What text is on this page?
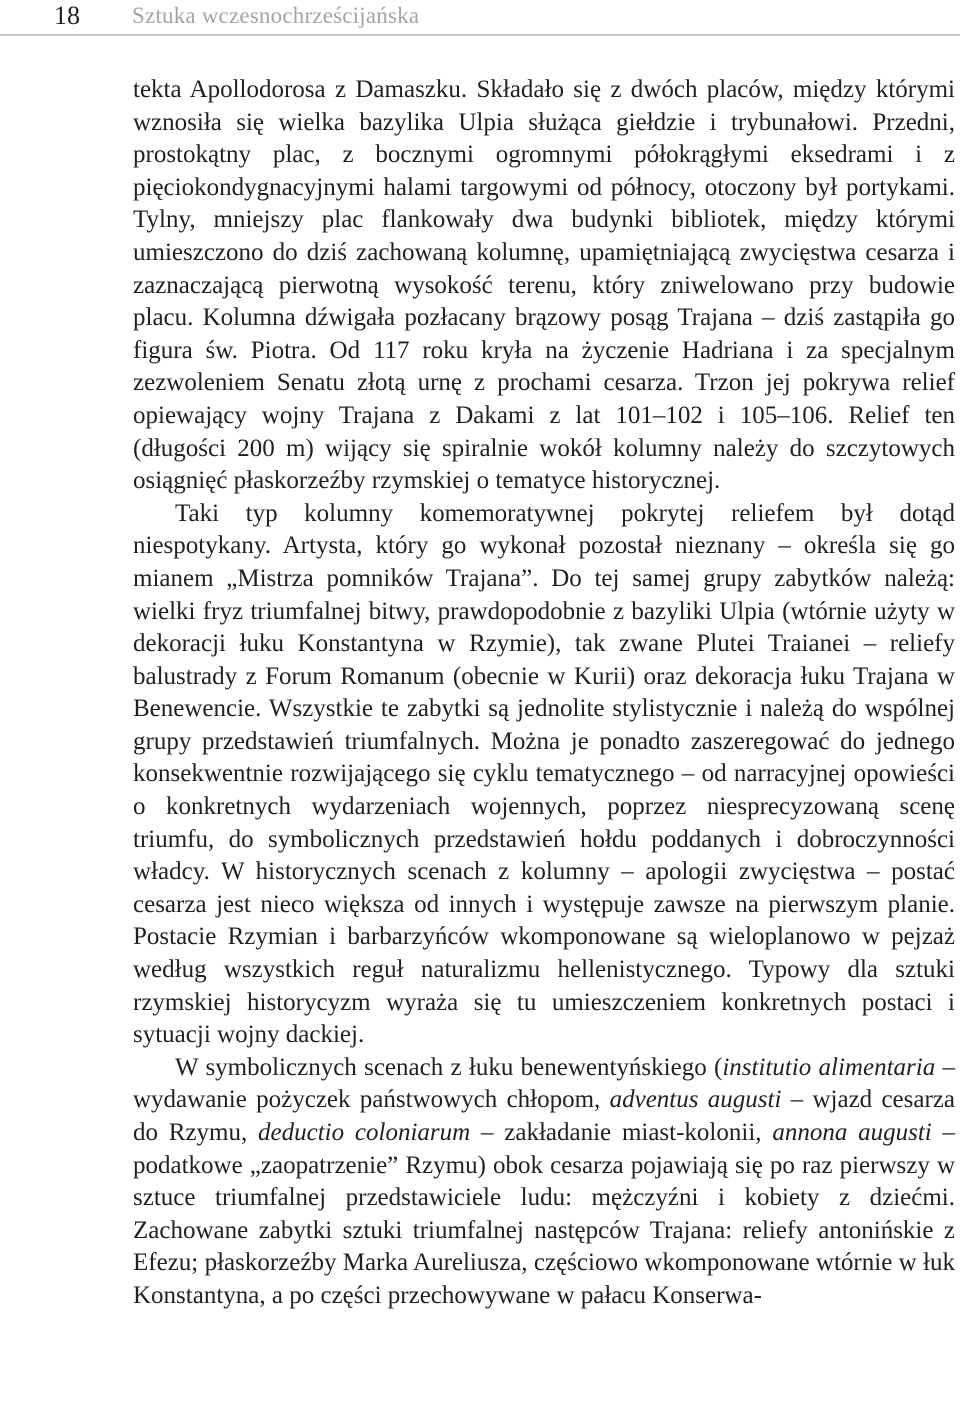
18 Sztuka wczesnochrześcijańska

tekta Apollodorosa z Damaszku. Składało się z dwóch placów, między którymi wznosiła się wielka bazylika Ulpia służąca giełdzie i trybunałowi. Przedni, prostokątny plac, z bocznymi ogromnymi półokrągłymi eksedrami i z pięciokondygnacyjnymi halami targowymi od północy, otoczony był portykami. Tylny, mniejszy plac flankowały dwa budynki bibliotek, między którymi umieszczono do dziś zachowaną kolumnę, upamiętniającą zwycięstwa cesarza i zaznaczającą pierwotną wysokość terenu, który zniwelowano przy budowie placu. Kolumna dźwigała pozłacany brązowy posąg Trajana – dziś zastąpiła go figura św. Piotra. Od 117 roku kryła na życzenie Hadriana i za specjalnym zezwoleniem Senatu złotą urnę z prochami cesarza. Trzon jej pokrywa relief opiewający wojny Trajana z Dakami z lat 101–102 i 105–106. Relief ten (długości 200 m) wijący się spiralnie wokół kolumny należy do szczytowych osiągnięć płaskorzeźby rzymskiej o tematyce historycznej.

Taki typ kolumny komemoratywnej pokrytej reliefem był dotąd niespotykany. Artysta, który go wykonał pozostał nieznany – określa się go mianem „Mistrza pomników Trajana”. Do tej samej grupy zabytków należą: wielki fryz triumfalnej bitwy, prawdopodobnie z bazyliki Ulpia (wtórnie użyty w dekoracji łuku Konstantyna w Rzymie), tak zwane Plutei Traianei – reliefy balustrady z Forum Romanum (obecnie w Kurii) oraz dekoracja łuku Trajana w Benewencie. Wszystkie te zabytki są jednolite stylistycznie i należą do wspólnej grupy przedstawień triumfalnych. Można je ponadto zaszeregować do jednego konsekwentnie rozwijającego się cyklu tematycznego – od narracyjnej opowieści o konkretnych wydarzeniach wojennych, poprzez niesprecyzowaną scenę triumfu, do symbolicznych przedstawień hołdu poddanych i dobroczynności władcy. W historycznych scenach z kolumny – apologii zwycięstwa – postać cesarza jest nieco większa od innych i występuje zawsze na pierwszym planie. Postacie Rzymian i barbarzyńców wkomponowane są wieloplanowo w pejzaż według wszystkich reguł naturalizmu hellenistycznego. Typowy dla sztuki rzymskiej historycyzm wyraża się tu umieszczeniem konkretnych postaci i sytuacji wojny dackiej.

W symbolicznych scenach z łuku benewentyńskiego (institutio alimentaria – wydawanie pożyczek państwowych chłopom, adventus augusti – wjazd cesarza do Rzymu, deductio coloniarum – zakładanie miast-kolonii, annona augusti – podatkowe „zaopatrzenie” Rzymu) obok cesarza pojawiają się po raz pierwszy w sztuce triumfalnej przedstawiciele ludu: mężczyźni i kobiety z dziećmi. Zachowane zabytki sztuki triumfalnej następców Trajana: reliefy antonińskie z Efezu; płaskorzeźby Marka Aureliusza, częściowo wkomponowane wtórnie w łuk Konstantyna, a po części przechowywane w pałacu Konserwa-
